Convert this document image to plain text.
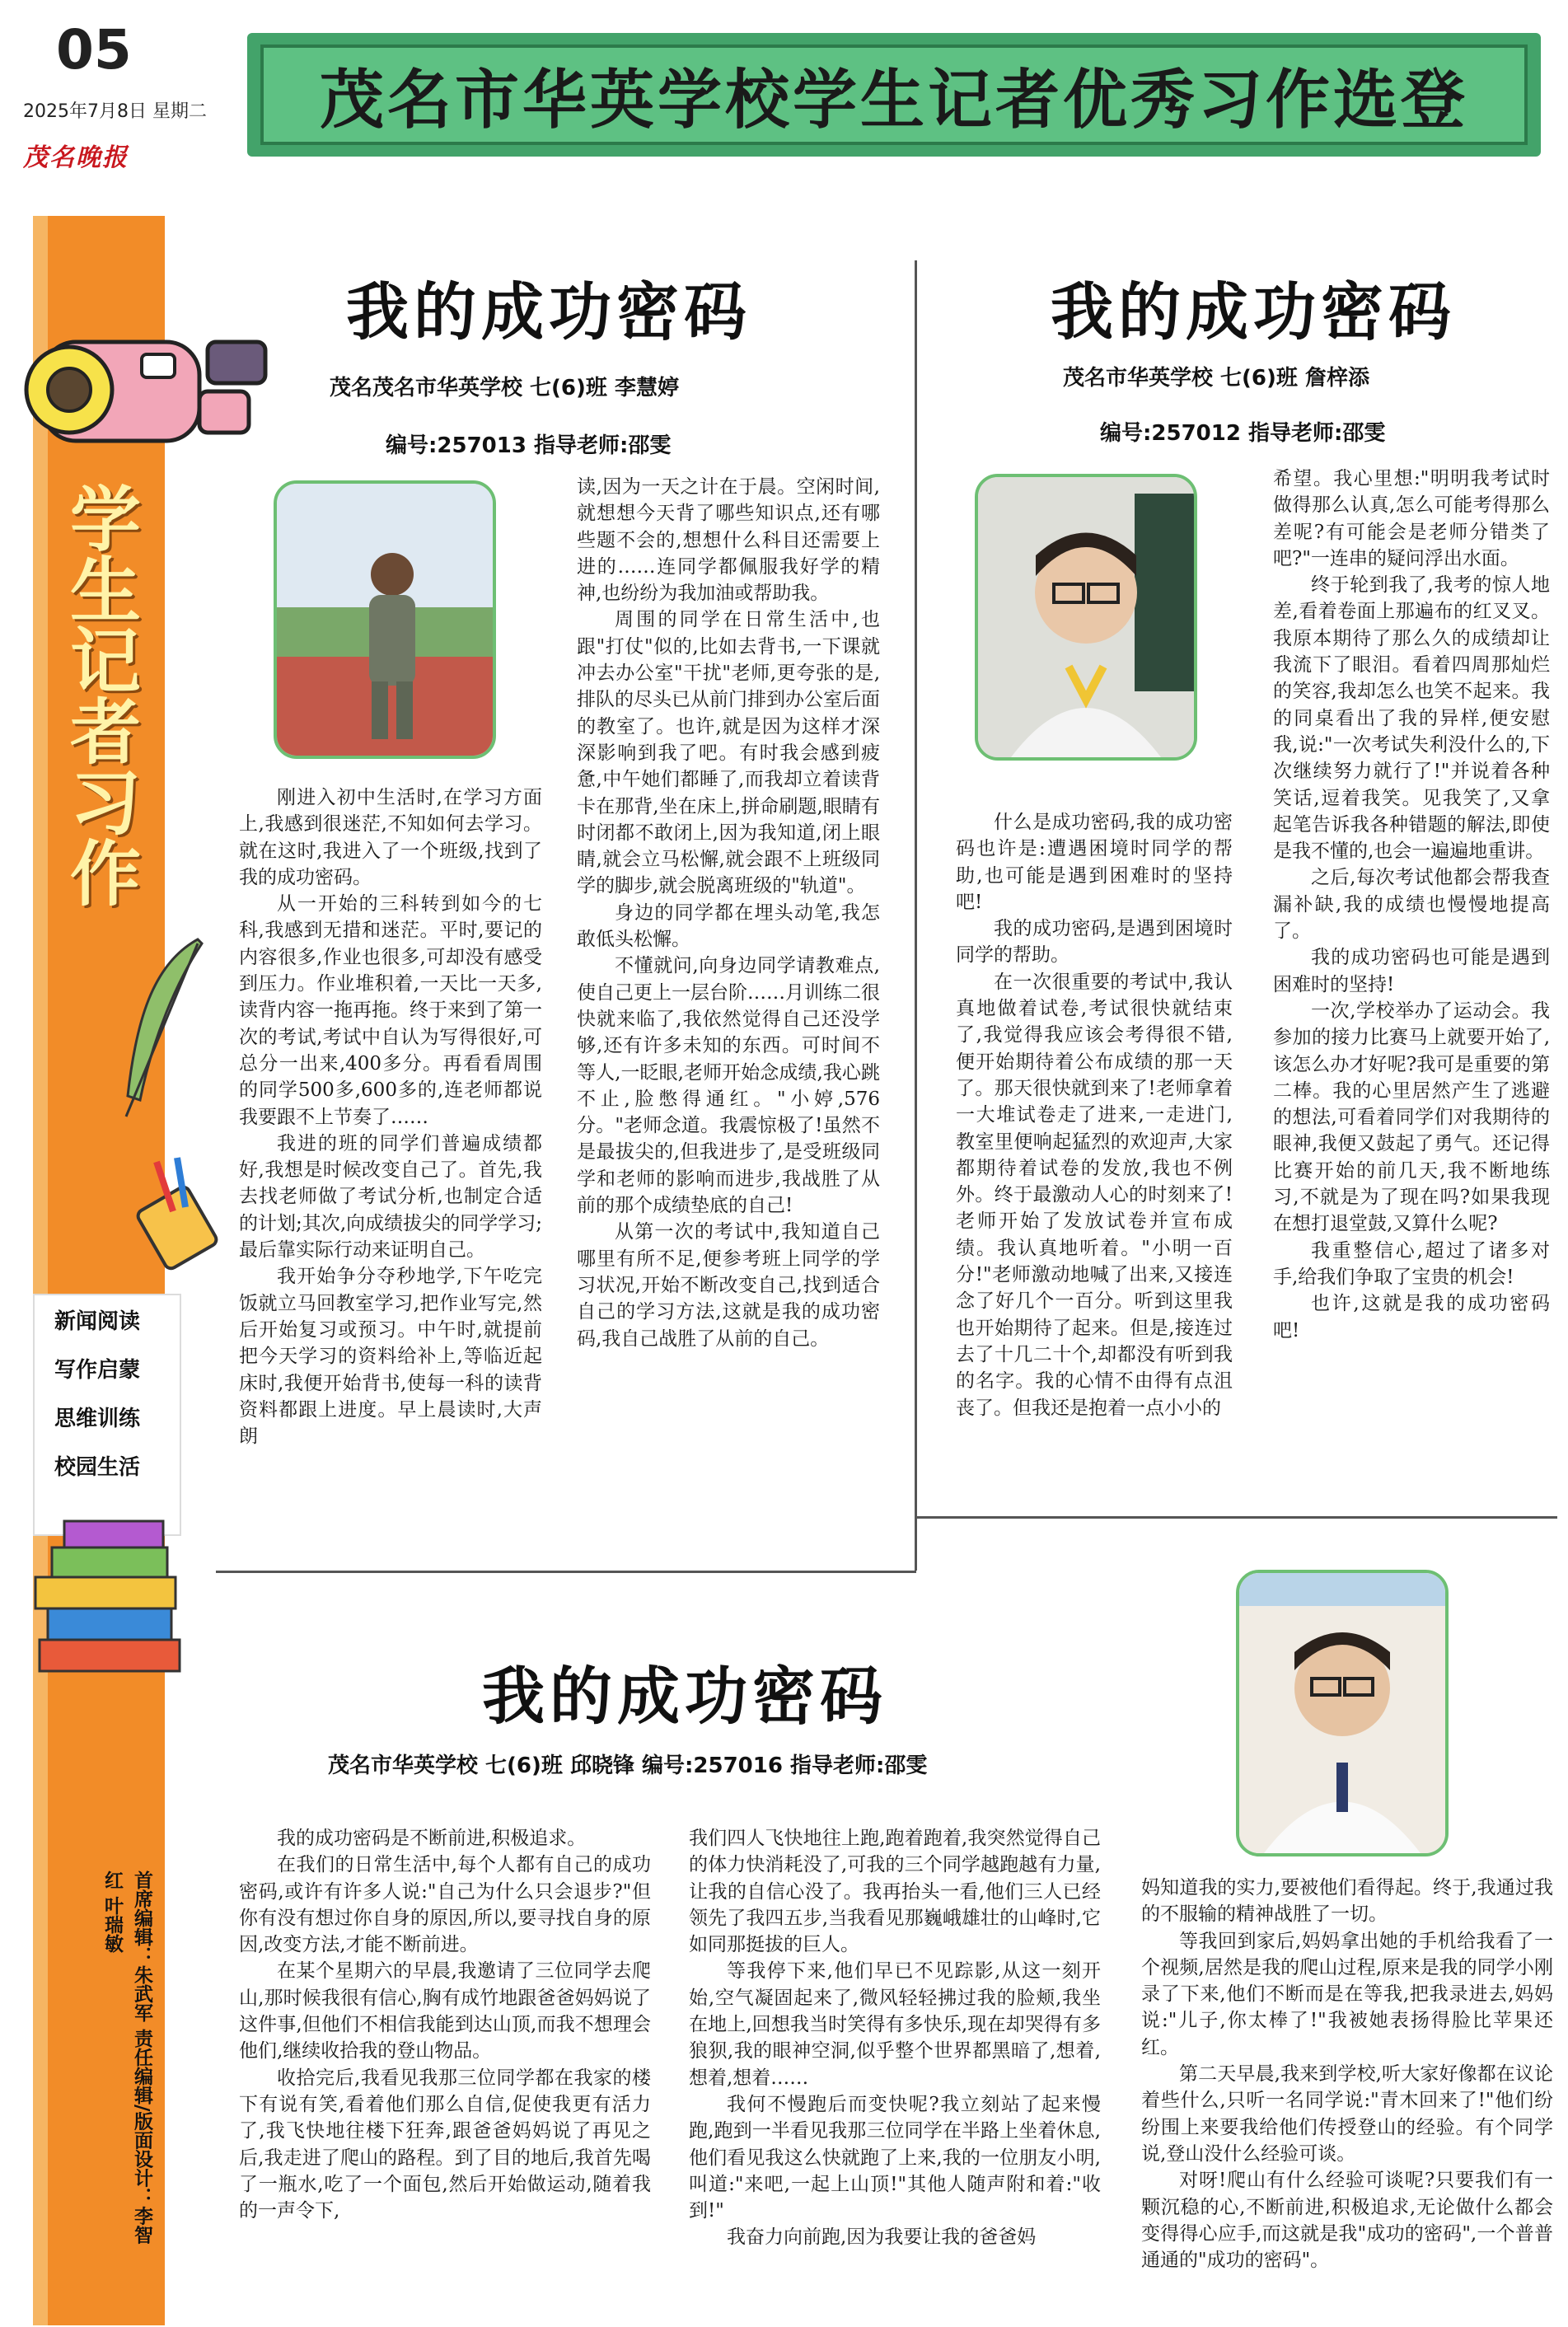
05
2025年7月8日 星期二
茂名晚报
茂名市华英学校学生记者优秀习作选登
学生记者习作
新闻阅读
写作启蒙
思维训练
校园生活
首席编辑：朱武军 责任编辑/版面设计：李智红 叶瑞敏
我的成功密码
茂名茂名市华英学校 七(6)班 李慧婷
编号:257013 指导老师:邵雯

刚进入初中生活时,在学习方面上,我感到很迷茫,不知如何去学习。就在这时,我进入了一个班级,找到了我的成功密码。

从一开始的三科转到如今的七科,我感到无措和迷茫。平时,要记的内容很多,作业也很多,可却没有感受到压力。作业堆积着,一天比一天多,读背内容一拖再拖。终于来到了第一次的考试,考试中自认为写得很好,可总分一出来,400多分。再看看周围的同学500多,600多的,连老师都说我要跟不上节奏了……

我进的班的同学们普遍成绩都好,我想是时候改变自己了。首先,我去找老师做了考试分析,也制定合适的计划;其次,向成绩拔尖的同学学习;最后靠实际行动来证明自己。

我开始争分夺秒地学,下午吃完饭就立马回教室学习,把作业写完,然后开始复习或预习。中午时,就提前把今天学习的资料给补上,等临近起床时,我便开始背书,使每一科的读背资料都跟上进度。早上晨读时,大声朗

读,因为一天之计在于晨。空闲时间,就想想今天背了哪些知识点,还有哪些题不会的,想想什么科目还需要上进的……连同学都佩服我好学的精神,也纷纷为我加油或帮助我。

周围的同学在日常生活中,也跟"打仗"似的,比如去背书,一下课就冲去办公室"干扰"老师,更夸张的是,排队的尽头已从前门排到办公室后面的教室了。也许,就是因为这样才深深影响到我了吧。有时我会感到疲惫,中午她们都睡了,而我却立着读背卡在那背,坐在床上,拼命刷题,眼睛有时闭都不敢闭上,因为我知道,闭上眼睛,就会立马松懈,就会跟不上班级同学的脚步,就会脱离班级的"轨道"。

身边的同学都在埋头动笔,我怎敢低头松懈。

不懂就问,向身边同学请教难点,使自己更上一层台阶……月训练二很快就来临了,我依然觉得自己还没学够,还有许多未知的东西。可时间不等人,一眨眼,老师开始念成绩,我心跳不止,脸憋得通红。"小婷,576分。"老师念道。我震惊极了!虽然不是最拔尖的,但我进步了,是受班级同学和老师的影响而进步,我战胜了从前的那个成绩垫底的自己!

从第一次的考试中,我知道自己哪里有所不足,便参考班上同学的学习状况,开始不断改变自己,找到适合自己的学习方法,这就是我的成功密码,我自己战胜了从前的自己。

我的成功密码
茂名市华英学校 七(6)班 詹梓添
编号:257012 指导老师:邵雯

什么是成功密码,我的成功密码也许是:遭遇困境时同学的帮助,也可能是遇到困难时的坚持吧!

我的成功密码,是遇到困境时同学的帮助。

在一次很重要的考试中,我认真地做着试卷,考试很快就结束了,我觉得我应该会考得很不错,便开始期待着公布成绩的那一天了。那天很快就到来了!老师拿着一大堆试卷走了进来,一走进门,教室里便响起猛烈的欢迎声,大家都期待着试卷的发放,我也不例外。终于最激动人心的时刻来了!老师开始了发放试卷并宣布成绩。我认真地听着。"小明一百分!"老师激动地喊了出来,又接连念了好几个一百分。听到这里我也开始期待了起来。但是,接连过去了十几二十个,却都没有听到我的名字。我的心情不由得有点沮丧了。但我还是抱着一点小小的

希望。我心里想:"明明我考试时做得那么认真,怎么可能考得那么差呢?有可能会是老师分错类了吧?"一连串的疑问浮出水面。

终于轮到我了,我考的惊人地差,看着卷面上那遍布的红叉叉。我原本期待了那么久的成绩却让我流下了眼泪。看着四周那灿烂的笑容,我却怎么也笑不起来。我的同桌看出了我的异样,便安慰我,说:"一次考试失利没什么的,下次继续努力就行了!"并说着各种笑话,逗着我笑。见我笑了,又拿起笔告诉我各种错题的解法,即使是我不懂的,也会一遍遍地重讲。

之后,每次考试他都会帮我查漏补缺,我的成绩也慢慢地提高了。

我的成功密码也可能是遇到困难时的坚持!

一次,学校举办了运动会。我参加的接力比赛马上就要开始了,该怎么办才好呢?我可是重要的第二棒。我的心里居然产生了逃避的想法,可看着同学们对我期待的眼神,我便又鼓起了勇气。还记得比赛开始的前几天,我不断地练习,不就是为了现在吗?如果我现在想打退堂鼓,又算什么呢?

我重整信心,超过了诸多对手,给我们争取了宝贵的机会!

也许,这就是我的成功密码吧!

我的成功密码
茂名市华英学校 七(6)班 邱晓锋 编号:257016 指导老师:邵雯

我的成功密码是不断前进,积极追求。

在我们的日常生活中,每个人都有自己的成功密码,或许有许多人说:"自己为什么只会退步?"但你有没有想过你自身的原因,所以,要寻找自身的原因,改变方法,才能不断前进。

在某个星期六的早晨,我邀请了三位同学去爬山,那时候我很有信心,胸有成竹地跟爸爸妈妈说了这件事,但他们不相信我能到达山顶,而我不想理会他们,继续收拾我的登山物品。

收拾完后,我看见我那三位同学都在我家的楼下有说有笑,看着他们那么自信,促使我更有活力了,我飞快地往楼下狂奔,跟爸爸妈妈说了再见之后,我走进了爬山的路程。到了目的地后,我首先喝了一瓶水,吃了一个面包,然后开始做运动,随着我的一声令下,

我们四人飞快地往上跑,跑着跑着,我突然觉得自己的体力快消耗没了,可我的三个同学越跑越有力量,让我的自信心没了。我再抬头一看,他们三人已经领先了我四五步,当我看见那巍峨雄壮的山峰时,它如同那挺拔的巨人。

等我停下来,他们早已不见踪影,从这一刻开始,空气凝固起来了,微风轻轻拂过我的脸颊,我坐在地上,回想我当时笑得有多快乐,现在却哭得有多狼狈,我的眼神空洞,似乎整个世界都黑暗了,想着,想着,想着……

我何不慢跑后而变快呢?我立刻站了起来慢跑,跑到一半看见我那三位同学在半路上坐着休息,他们看见我这么快就跑了上来,我的一位朋友小明,叫道:"来吧,一起上山顶!"其他人随声附和着:"收到!"

我奋力向前跑,因为我要让我的爸爸妈

妈知道我的实力,要被他们看得起。终于,我通过我的不服输的精神战胜了一切。

等我回到家后,妈妈拿出她的手机给我看了一个视频,居然是我的爬山过程,原来是我的同学小刚录了下来,他们不断而是在等我,把我录进去,妈妈说:"儿子,你太棒了!"我被她表扬得脸比苹果还红。

第二天早晨,我来到学校,听大家好像都在议论着些什么,只听一名同学说:"青木回来了!"他们纷纷围上来要我给他们传授登山的经验。有个同学说,登山没什么经验可谈。

对呀!爬山有什么经验可谈呢?只要我们有一颗沉稳的心,不断前进,积极追求,无论做什么都会变得得心应手,而这就是我"成功的密码",一个普普通通的"成功的密码"。
